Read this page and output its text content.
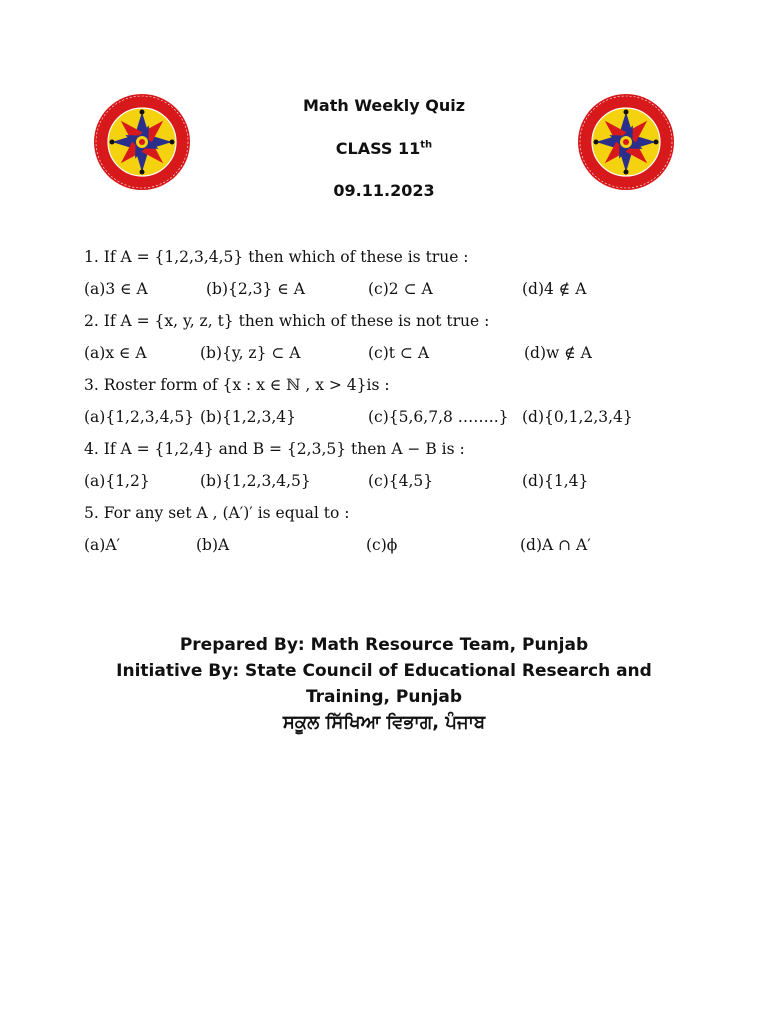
Math Weekly Quiz
CLASS 11th
09.11.2023
1. If A = {1,2,3,4,5} then which of these is true :
(a)3 ∈ A	(b){2,3} ∈ A	(c)2 ⊂ A	(d)4 ∉ A
2. If A = {x, y, z, t} then which of these is not true :
(a)x ∈ A	(b){y, z} ⊂ A	(c)t ⊂ A	(d)w ∉ A
3. Roster form of {x : x ∈ ℕ , x > 4}is :
(a){1,2,3,4,5} (b){1,2,3,4}	(c){5,6,7,8 ……..} (d){0,1,2,3,4}
4. If A = {1,2,4} and B = {2,3,5} then A − B is :
(a){1,2}	(b){1,2,3,4,5}	(c){4,5}	(d){1,4}
5. For any set A , (A′)′ is equal to :
(a)A′	(b)A	(c)ϕ	(d)A ∩ A′
Prepared By: Math Resource Team, Punjab
Initiative By: State Council of Educational Research and
Training, Punjab
ਸਕੂਲ ਸਿੱਖਿਆ ਵਿਭਾਗ, ਪੰਜਾਬ
